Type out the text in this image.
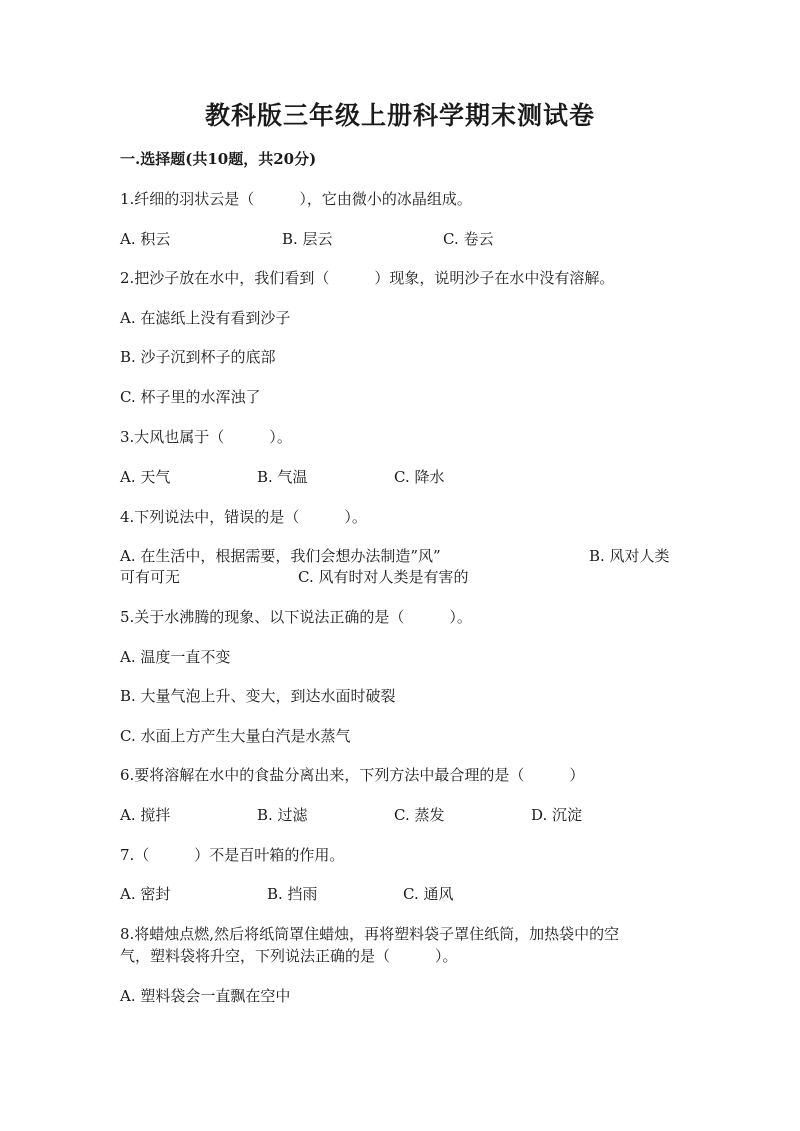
教科版三年级上册科学期末测试卷
一.选择题(共10题，共20分)
1.纤细的羽状云是（　　　），它由微小的冰晶组成。
A. 积云	B. 层云	C. 卷云
2.把沙子放在水中，我们看到（　　　）现象，说明沙子在水中没有溶解。
A. 在滤纸上没有看到沙子
B. 沙子沉到杯子的底部
C. 杯子里的水浑浊了
3.大风也属于（　　　）。
A. 天气	B. 气温	C. 降水
4.下列说法中，错误的是（　　　）。
A. 在生活中，根据需要，我们会想办法制造”风”	B. 风对人类
可有可无	C. 风有时对人类是有害的
5.关于水沸腾的现象、以下说法正确的是（　　　）。
A. 温度一直不变
B. 大量气泡上升、变大，到达水面时破裂
C. 水面上方产生大量白汽是水蒸气
6.要将溶解在水中的食盐分离出来，下列方法中最合理的是（　　　）
A. 搅拌	B. 过滤	C. 蒸发	D. 沉淀
7.（　　　）不是百叶箱的作用。
A. 密封	B. 挡雨	C. 通风
8.将蜡烛点燃,然后将纸筒罩住蜡烛，再将塑料袋子罩住纸筒，加热袋中的空
气，塑料袋将升空，下列说法正确的是（　　　）。
A. 塑料袋会一直飘在空中
